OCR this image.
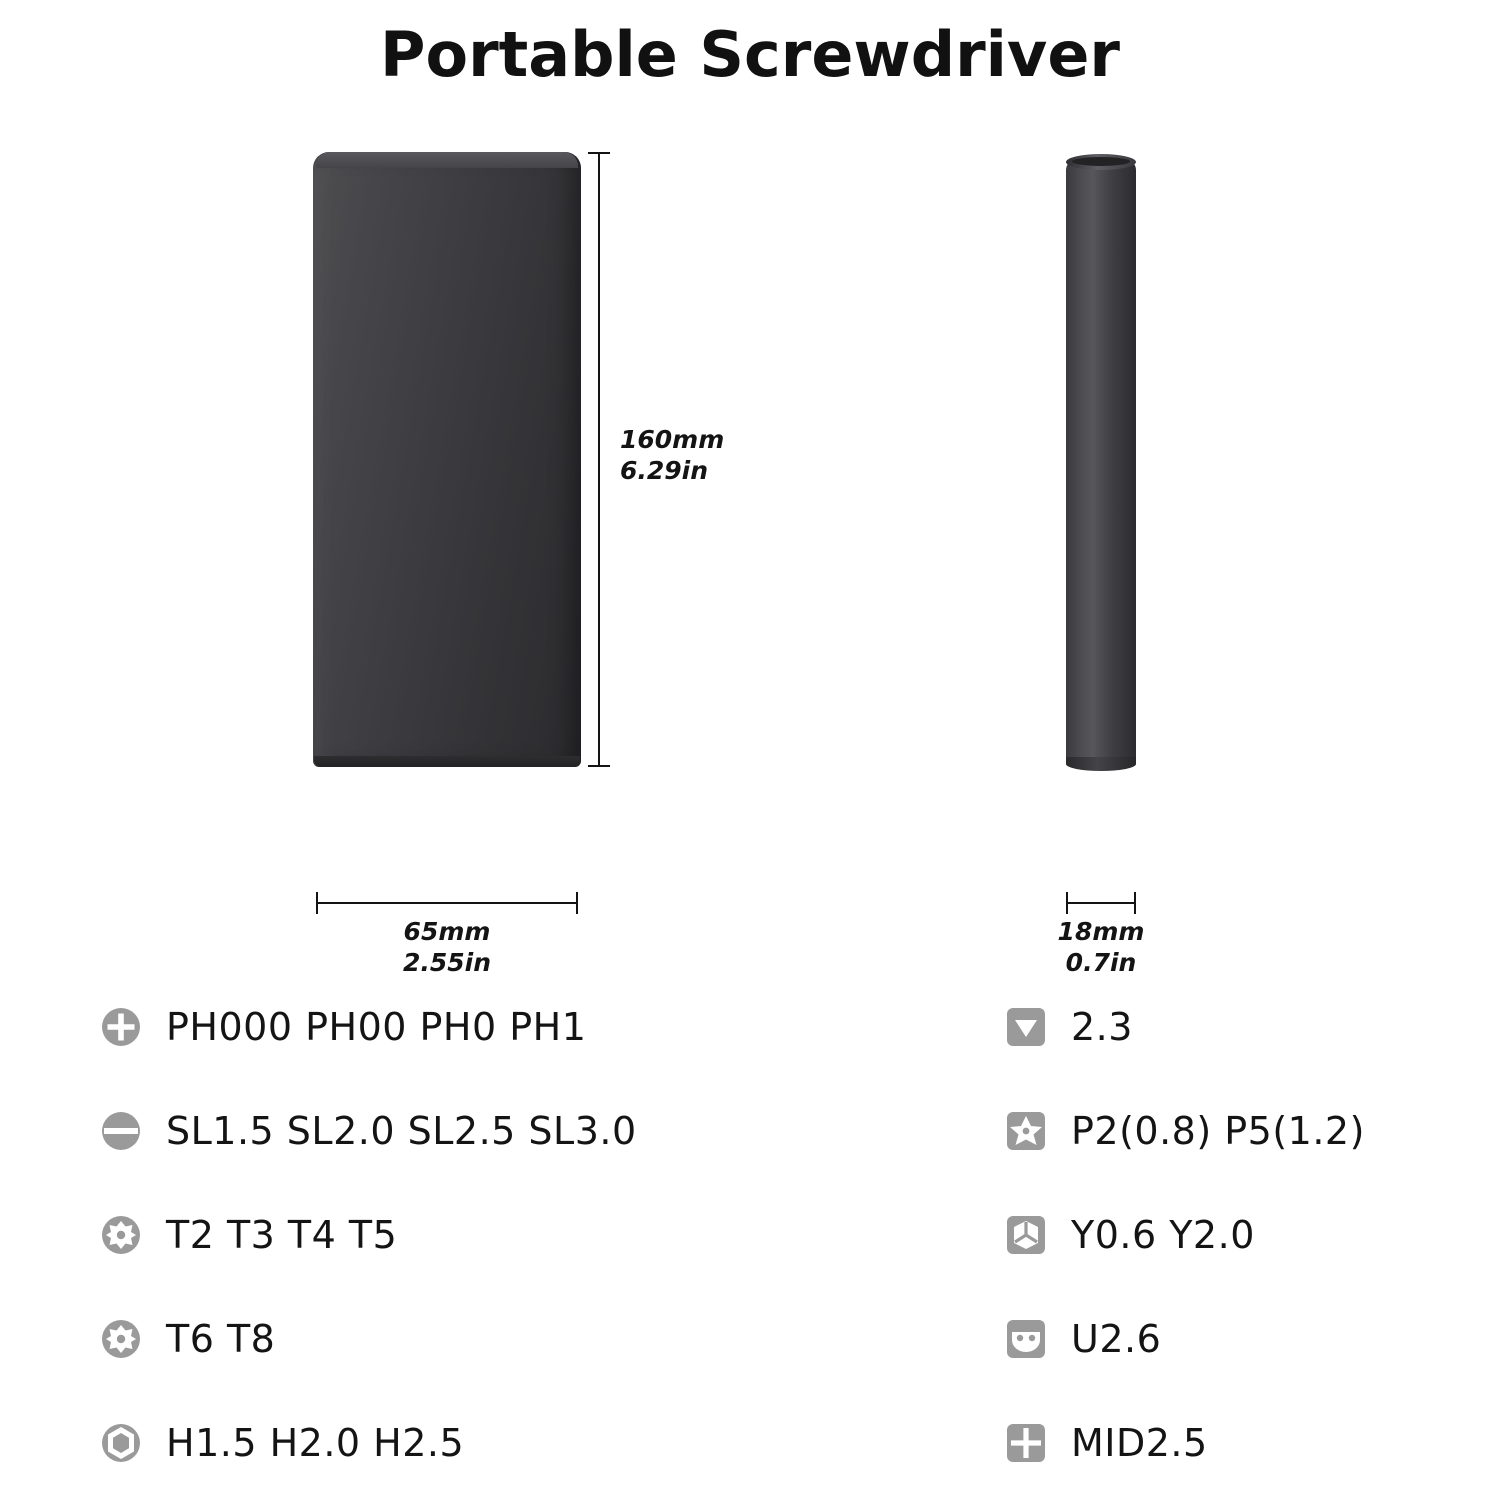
Portable Screwdriver
160mm
6.29in
65mm
2.55in
18mm
0.7in
PH000 PH00 PH0 PH1
SL1.5 SL2.0 SL2.5 SL3.0
T2 T3 T4 T5
T6 T8
H1.5 H2.0 H2.5
2.3
P2(0.8) P5(1.2)
Y0.6 Y2.0
U2.6
MID2.5
